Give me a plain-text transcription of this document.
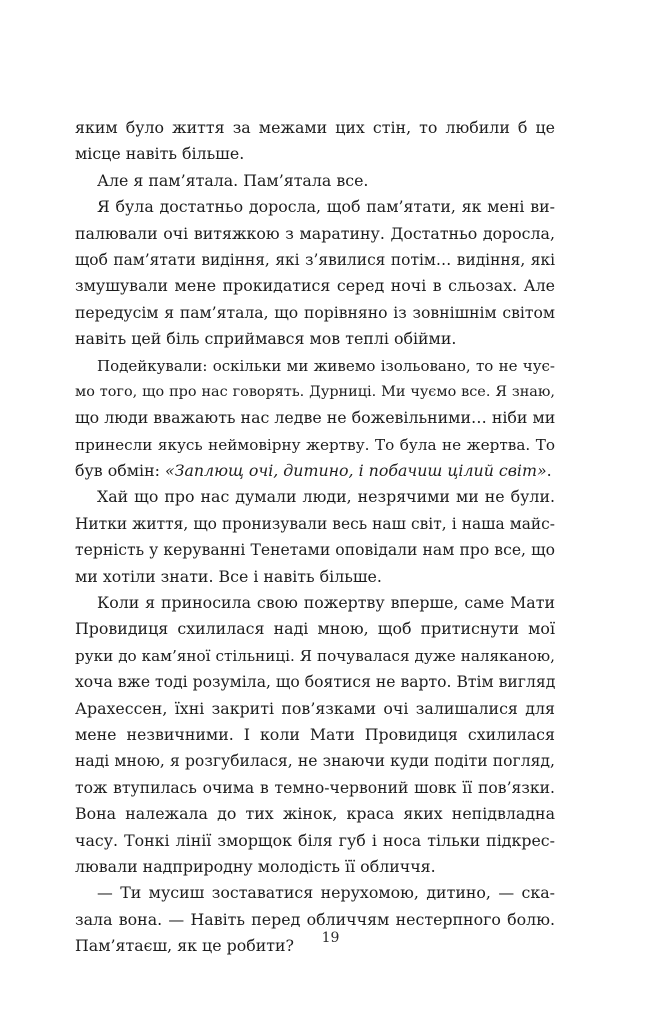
яким було життя за межами цих стін, то любили б це
місце навіть більше.
Але я пам’ятала. Пам’ятала все.
Я була достатньо доросла, щоб пам’ятати, як мені ви-
палювали очі витяжкою з маратину. Достатньо доросла,
щоб пам’ятати видіння, які з’явилися потім… видіння, які
змушували мене прокидатися серед ночі в сльозах. Але
передусім я пам’ятала, що порівняно із зовнішнім світом
навіть цей біль сприймався мов теплі обійми.
Подейкували: оскільки ми живемо ізольовано, то не чує-
мо того, що про нас говорять. Дурниці. Ми чуємо все. Я знаю,
що люди вважають нас ледве не божевільними… ніби ми
принесли якусь неймовірну жертву. То була не жертва. То
був обмін: «Заплющ очі, дитино, і побачиш цілий світ».
Хай що про нас думали люди, незрячими ми не були.
Нитки життя, що пронизували весь наш світ, і наша майс-
терність у керуванні Тенетами оповідали нам про все, що
ми хотіли знати. Все і навіть більше.
Коли я приносила свою пожертву вперше, саме Мати
Провидиця схилилася наді мною, щоб притиснути мої
руки до кам’яної стільниці. Я почувалася дуже наляканою,
хоча вже тоді розуміла, що боятися не варто. Втім вигляд
Арахессен, їхні закриті пов’язками очі залишалися для
мене незвичними. І коли Мати Провидиця схилилася
наді мною, я розгубилася, не знаючи куди подіти погляд,
тож втупилась очима в темно-червоний шовк її пов’язки.
Вона належала до тих жінок, краса яких непідвладна
часу. Тонкі лінії зморщок біля губ і носа тільки підкрес-
лювали надприродну молодість її обличчя.
— Ти мусиш зоставатися нерухомою, дитино, — ска-
зала вона. — Навіть перед обличчям нестерпного болю.
Пам’ятаєш, як це робити?	19
